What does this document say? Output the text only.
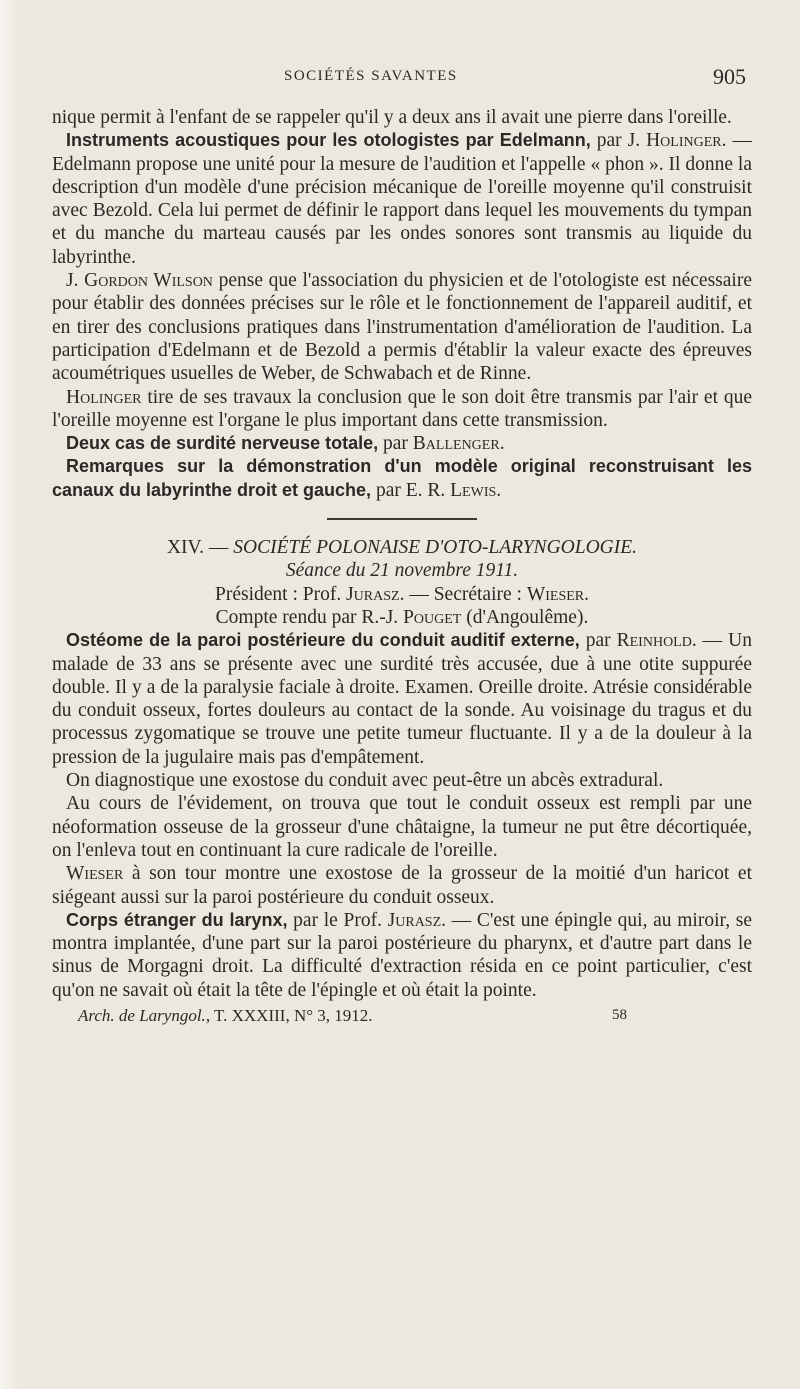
SOCIÉTÉS SAVANTES	905

nique permit à l'enfant de se rappeler qu'il y a deux ans il avait une pierre dans l'oreille.

Instruments acoustiques pour les otologistes par Edelmann, par J. Holinger. — Edelmann propose une unité pour la mesure de l'audition et l'appelle « phon ». Il donne la description d'un modèle d'une précision mécanique de l'oreille moyenne qu'il construisit avec Bezold. Cela lui permet de définir le rapport dans lequel les mouvements du tympan et du manche du marteau causés par les ondes sonores sont transmis au liquide du labyrinthe.

J. Gordon Wilson pense que l'association du physicien et de l'otologiste est nécessaire pour établir des données précises sur le rôle et le fonctionnement de l'appareil auditif, et en tirer des conclusions pratiques dans l'instrumentation d'amélioration de l'audition. La participation d'Edelmann et de Bezold a permis d'établir la valeur exacte des épreuves acoumétriques usuelles de Weber, de Schwabach et de Rinne.

Holinger tire de ses travaux la conclusion que le son doit être transmis par l'air et que l'oreille moyenne est l'organe le plus important dans cette transmission.

Deux cas de surdité nerveuse totale, par Ballenger.

Remarques sur la démonstration d'un modèle original reconstruisant les canaux du labyrinthe droit et gauche, par E. R. Lewis.

XIV. — SOCIÉTÉ POLONAISE D'OTO-LARYNGOLOGIE.

Séance du 21 novembre 1911.

Président : Prof. Jurasz. — Secrétaire : Wieser.

Compte rendu par R.-J. Pouget (d'Angoulême).

Ostéome de la paroi postérieure du conduit auditif externe, par Reinhold. — Un malade de 33 ans se présente avec une surdité très accusée, due à une otite suppurée double. Il y a de la paralysie faciale à droite. Examen. Oreille droite. Atrésie considérable du conduit osseux, fortes douleurs au contact de la sonde. Au voisinage du tragus et du processus zygomatique se trouve une petite tumeur fluctuante. Il y a de la douleur à la pression de la jugulaire mais pas d'empâtement.

On diagnostique une exostose du conduit avec peut-être un abcès extradural.

Au cours de l'évidement, on trouva que tout le conduit osseux est rempli par une néoformation osseuse de la grosseur d'une châtaigne, la tumeur ne put être décortiquée, on l'enleva tout en continuant la cure radicale de l'oreille.

Wieser à son tour montre une exostose de la grosseur de la moitié d'un haricot et siégeant aussi sur la paroi postérieure du conduit osseux.

Corps étranger du larynx, par le Prof. Jurasz. — C'est une épingle qui, au miroir, se montra implantée, d'une part sur la paroi postérieure du pharynx, et d'autre part dans le sinus de Morgagni droit. La difficulté d'extraction résida en ce point particulier, c'est qu'on ne savait où était la tête de l'épingle et où était la pointe.

Arch. de Laryngol., T. XXXIII, N° 3, 1912.	58
